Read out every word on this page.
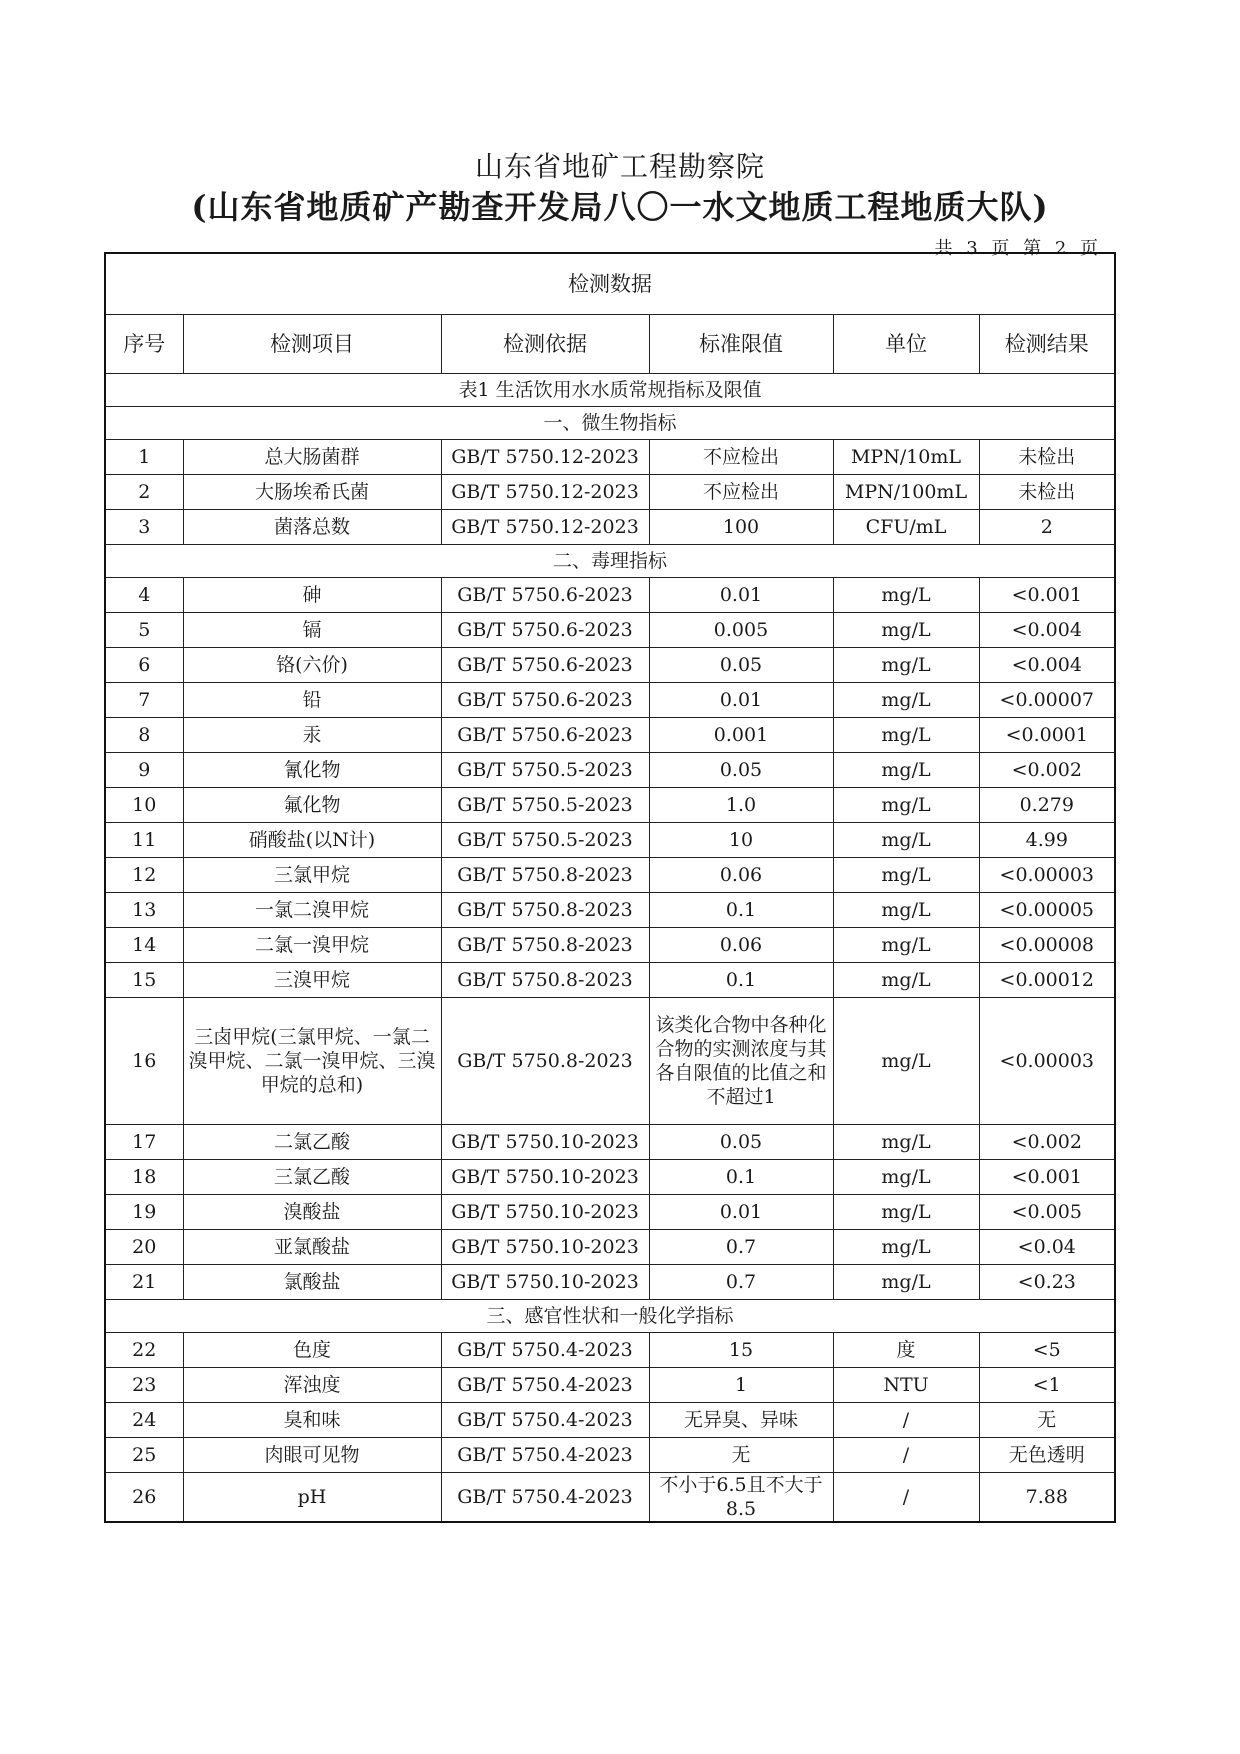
山东省地矿工程勘察院
(山东省地质矿产勘查开发局八〇一水文地质工程地质大队)
共 3 页 第 2 页
检测数据					
序号	检测项目	检测依据	标准限值	单位	检测结果
表1 生活饮用水水质常规指标及限值					
一、微生物指标					
1	总大肠菌群	GB/T 5750.12-2023	不应检出	MPN/10mL	未检出
2	大肠埃希氏菌	GB/T 5750.12-2023	不应检出	MPN/100mL	未检出
3	菌落总数	GB/T 5750.12-2023	100	CFU/mL	2
二、毒理指标					
4	砷	GB/T 5750.6-2023	0.01	mg/L	<0.001
5	镉	GB/T 5750.6-2023	0.005	mg/L	<0.004
6	铬(六价)	GB/T 5750.6-2023	0.05	mg/L	<0.004
7	铅	GB/T 5750.6-2023	0.01	mg/L	<0.00007
8	汞	GB/T 5750.6-2023	0.001	mg/L	<0.0001
9	氰化物	GB/T 5750.5-2023	0.05	mg/L	<0.002
10	氟化物	GB/T 5750.5-2023	1.0	mg/L	0.279
11	硝酸盐(以N计)	GB/T 5750.5-2023	10	mg/L	4.99
12	三氯甲烷	GB/T 5750.8-2023	0.06	mg/L	<0.00003
13	一氯二溴甲烷	GB/T 5750.8-2023	0.1	mg/L	<0.00005
14	二氯一溴甲烷	GB/T 5750.8-2023	0.06	mg/L	<0.00008
15	三溴甲烷	GB/T 5750.8-2023	0.1	mg/L	<0.00012
16	三卤甲烷(三氯甲烷、一氯二溴甲烷、二氯一溴甲烷、三溴甲烷的总和)	GB/T 5750.8-2023	该类化合物中各种化合物的实测浓度与其各自限值的比值之和不超过1	mg/L	<0.00003
17	二氯乙酸	GB/T 5750.10-2023	0.05	mg/L	<0.002
18	三氯乙酸	GB/T 5750.10-2023	0.1	mg/L	<0.001
19	溴酸盐	GB/T 5750.10-2023	0.01	mg/L	<0.005
20	亚氯酸盐	GB/T 5750.10-2023	0.7	mg/L	<0.04
21	氯酸盐	GB/T 5750.10-2023	0.7	mg/L	<0.23
三、感官性状和一般化学指标					
22	色度	GB/T 5750.4-2023	15	度	<5
23	浑浊度	GB/T 5750.4-2023	1	NTU	<1
24	臭和味	GB/T 5750.4-2023	无异臭、异味	/	无
25	肉眼可见物	GB/T 5750.4-2023	无	/	无色透明
26	pH	GB/T 5750.4-2023	不小于6.5且不大于8.5	/	7.88
